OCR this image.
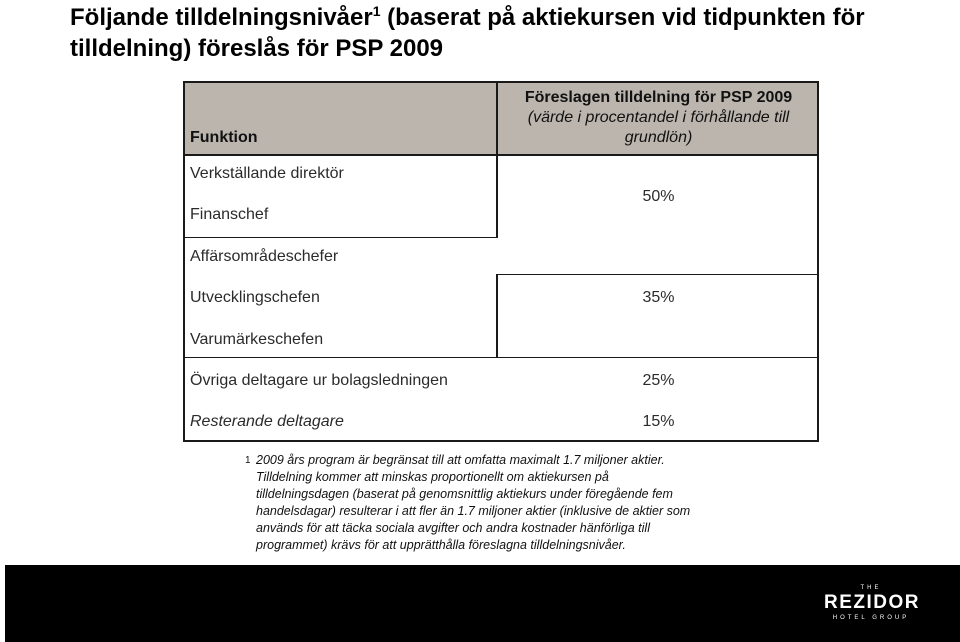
Följande tilldelningsnivåer$^1$ (baserat på aktiekursen vid tidpunkten för
tilldelning) föreslås för PSP 2009
Funktion
Föreslagen tilldelning för PSP 2009
(värde i procentandel i förhållande till
grundlön)
Verkställande direktör
Finanschef
Affärsområdeschefer
Utvecklingschefen
Varumärkeschefen
Övriga deltagare ur bolagsledningen
Resterande deltagare
50%
35%
25%
15%
1 2009 års program är begränsat till att omfatta maximalt 1.7 miljoner aktier.
Tilldelning kommer att minskas proportionellt om aktiekursen på
tilldelningsdagen (baserat på genomsnittlig aktiekurs under föregående fem
handelsdagar) resulterar i att fler än 1.7 miljoner aktier (inklusive de aktier som
används för att täcka sociala avgifter och andra kostnader hänförliga till
programmet) krävs för att upprätthålla föreslagna tilldelningsnivåer.
THE
REZIDOR
HOTEL GROUP
